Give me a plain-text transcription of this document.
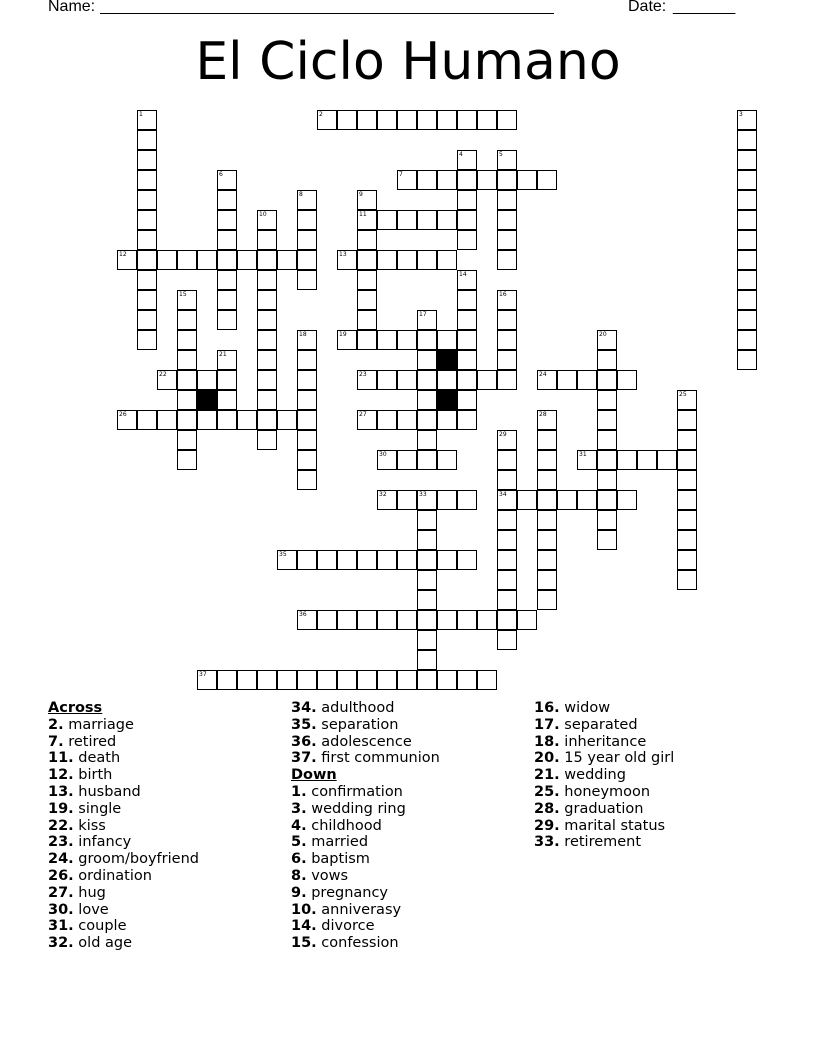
Name:

___________________________________________________

	Date:

_______

El Ciclo Humano
1	2	3
4	5
6	7
8	9
11
10
12	13
14
15	16
17
18	19	20
21
22	23	24
25
26	27	28
29
34
30	31
32	33
35
36
37
Across
2. marriage
7. retired
11. death
12. birth
13. husband
19. single
22. kiss
23. infancy
24. groom/boyfriend
26. ordination
27. hug
30. love
31. couple
32. old age
34. adulthood
35. separation
36. adolescence
37. first communion
Down
1. confirmation
3. wedding ring
4. childhood
5. married
6. baptism
8. vows
9. pregnancy
10. anniverasy
14. divorce
15. confession
16. widow
17. separated
18. inheritance
20. 15 year old girl
21. wedding
25. honeymoon
28. graduation
29. marital status
33. retirement
